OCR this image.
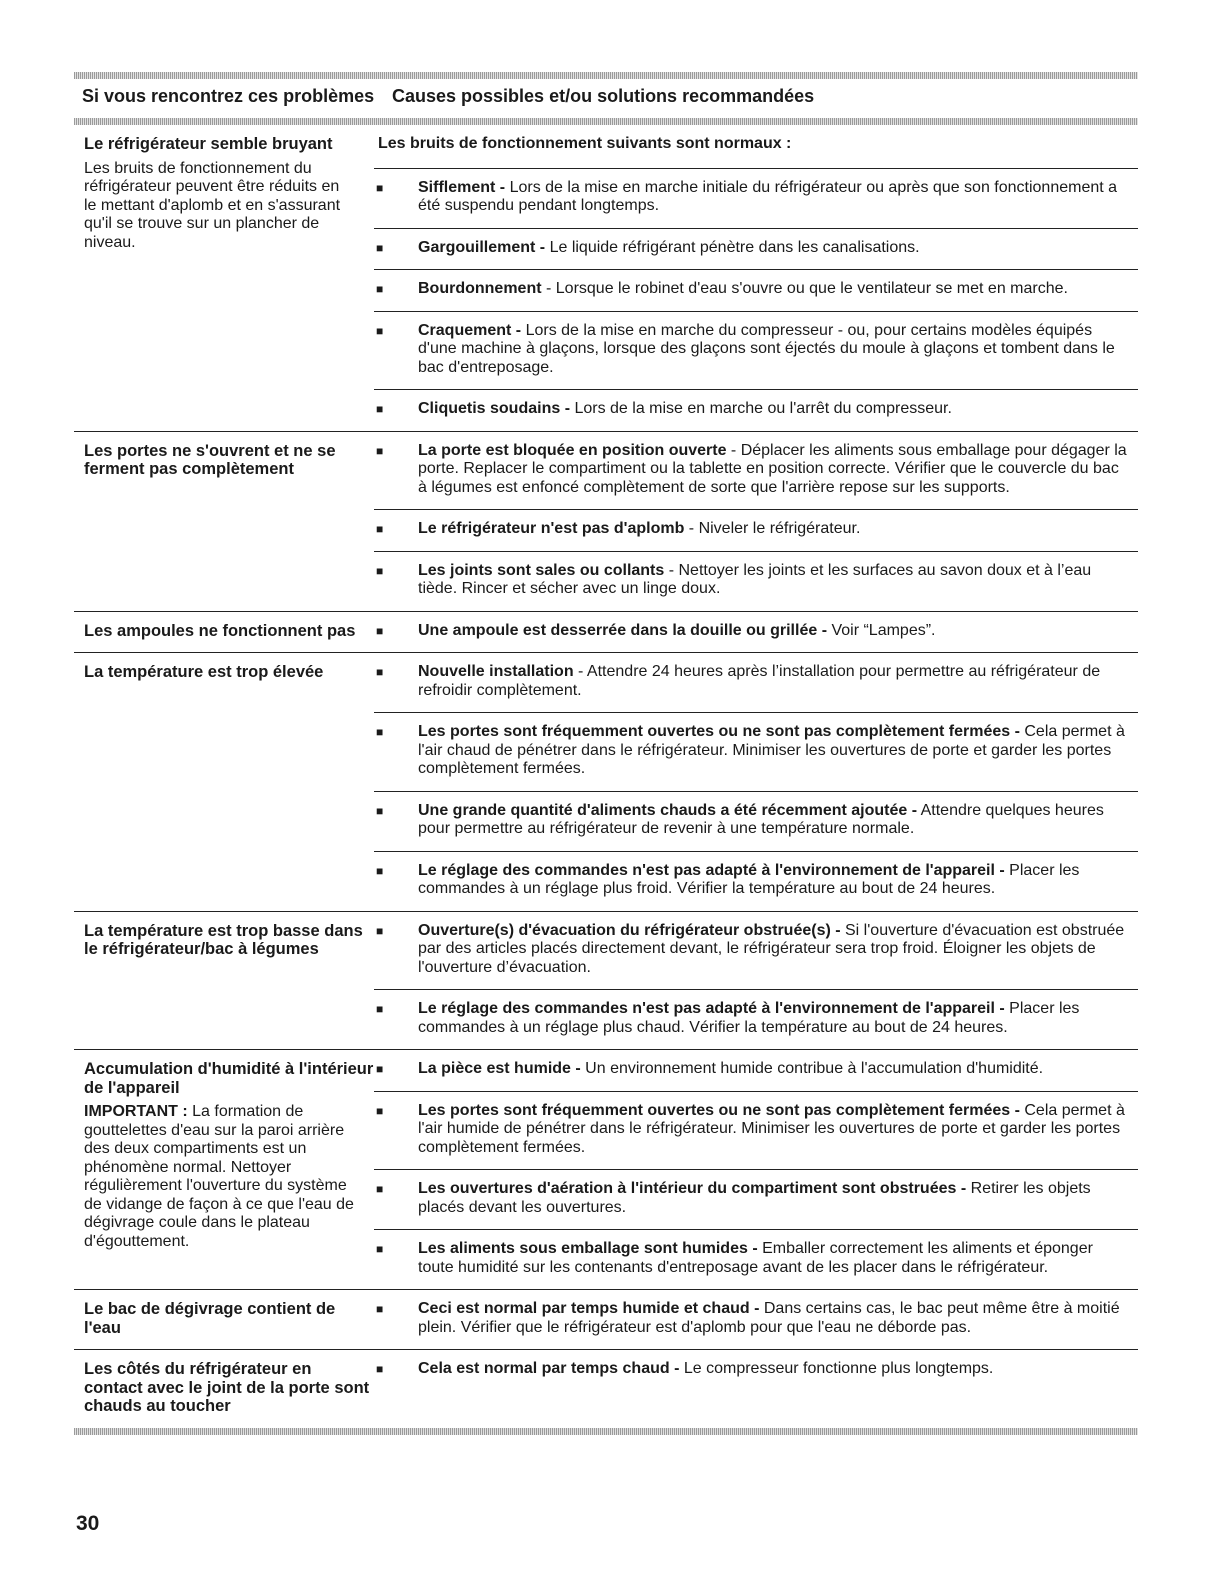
Si vous rencontrez ces problèmes Causes possibles et/ou solutions recommandées
Le réfrigérateur semble bruyant
Les bruits de fonctionnement du réfrigérateur peuvent être réduits en le mettant d'aplomb et en s'assurant qu'il se trouve sur un plancher de niveau.
Les bruits de fonctionnement suivants sont normaux :
■	Sifflement - Lors de la mise en marche initiale du réfrigérateur ou après que son fonctionnement a été suspendu pendant longtemps.
■	Gargouillement - Le liquide réfrigérant pénètre dans les canalisations.
■	Bourdonnement - Lorsque le robinet d'eau s'ouvre ou que le ventilateur se met en marche.
■	Craquement - Lors de la mise en marche du compresseur - ou, pour certains modèles équipés d'une machine à glaçons, lorsque des glaçons sont éjectés du moule à glaçons et tombent dans le bac d'entreposage.
■	Cliquetis soudains - Lors de la mise en marche ou l'arrêt du compresseur.
Les portes ne s'ouvrent et ne se ferment pas complètement
■	La porte est bloquée en position ouverte - Déplacer les aliments sous emballage pour dégager la porte. Replacer le compartiment ou la tablette en position correcte. Vérifier que le couvercle du bac à légumes est enfoncé complètement de sorte que l'arrière repose sur les supports.
■	Le réfrigérateur n'est pas d'aplomb - Niveler le réfrigérateur.
■	Les joints sont sales ou collants - Nettoyer les joints et les surfaces au savon doux et à l’eau tiède. Rincer et sécher avec un linge doux.
Les ampoules ne fonctionnent pas	■	Une ampoule est desserrée dans la douille ou grillée - Voir “Lampes”.
La température est trop élevée	■	Nouvelle installation - Attendre 24 heures après l’installation pour permettre au réfrigérateur de refroidir complètement.
■	Les portes sont fréquemment ouvertes ou ne sont pas complètement fermées - Cela permet à l'air chaud de pénétrer dans le réfrigérateur. Minimiser les ouvertures de porte et garder les portes complètement fermées.
■	Une grande quantité d'aliments chauds a été récemment ajoutée - Attendre quelques heures pour permettre au réfrigérateur de revenir à une température normale.
■	Le réglage des commandes n'est pas adapté à l'environnement de l'appareil - Placer les commandes à un réglage plus froid. Vérifier la température au bout de 24 heures.
La température est trop basse dans le réfrigérateur/bac à légumes
■	Ouverture(s) d'évacuation du réfrigérateur obstruée(s) - Si l'ouverture d'évacuation est obstruée par des articles placés directement devant, le réfrigérateur sera trop froid. Éloigner les objets de l'ouverture d’évacuation.
■	Le réglage des commandes n'est pas adapté à l'environnement de l'appareil - Placer les commandes à un réglage plus chaud. Vérifier la température au bout de 24 heures.
Accumulation d'humidité à l'intérieur de l'appareil
IMPORTANT : La formation de gouttelettes d'eau sur la paroi arrière des deux compartiments est un phénomène normal. Nettoyer régulièrement l'ouverture du système de vidange de façon à ce que l'eau de dégivrage coule dans le plateau d'égouttement.
■	La pièce est humide - Un environnement humide contribue à l'accumulation d'humidité.
■	Les portes sont fréquemment ouvertes ou ne sont pas complètement fermées - Cela permet à l'air humide de pénétrer dans le réfrigérateur. Minimiser les ouvertures de porte et garder les portes complètement fermées.
■	Les ouvertures d'aération à l'intérieur du compartiment sont obstruées - Retirer les objets placés devant les ouvertures.
■	Les aliments sous emballage sont humides - Emballer correctement les aliments et éponger toute humidité sur les contenants d'entreposage avant de les placer dans le réfrigérateur.
Le bac de dégivrage contient de l'eau
■	Ceci est normal par temps humide et chaud - Dans certains cas, le bac peut même être à moitié plein. Vérifier que le réfrigérateur est d'aplomb pour que l'eau ne déborde pas.
Les côtés du réfrigérateur en contact avec le joint de la porte sont chauds au toucher
■	Cela est normal par temps chaud - Le compresseur fonctionne plus longtemps.
30
